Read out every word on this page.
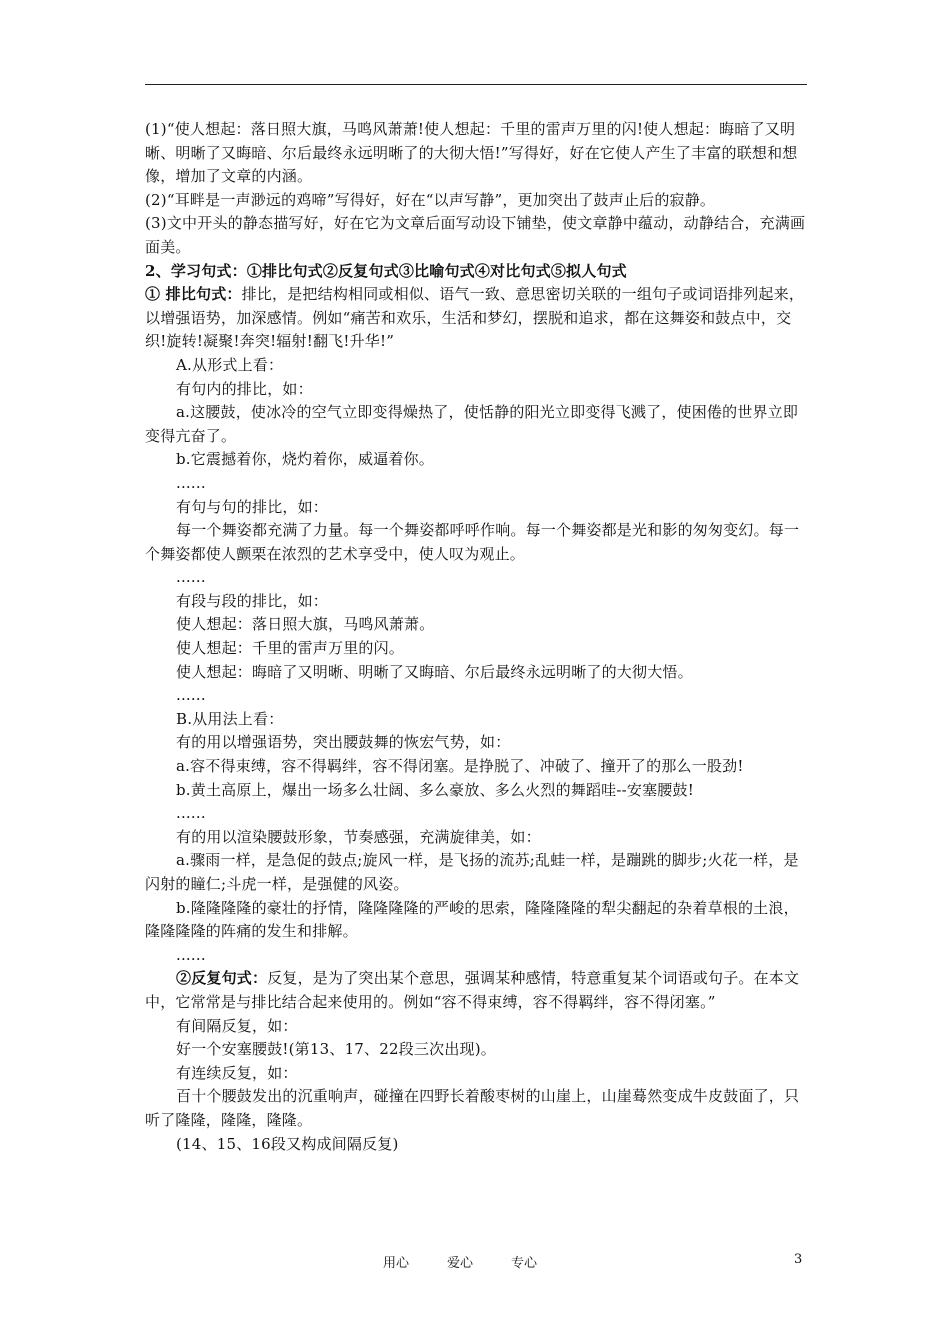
(1)“使人想起：落日照大旗，马鸣风萧萧!使人想起：千里的雷声万里的闪!使人想起：晦暗了又明晰、明晰了又晦暗、尔后最终永远明晰了的大彻大悟!”写得好，好在它使人产生了丰富的联想和想像，增加了文章的内涵。

(2)“耳畔是一声渺远的鸡啼”写得好，好在“以声写静”，更加突出了鼓声止后的寂静。

(3)文中开头的静态描写好，好在它为文章后面写动设下铺垫，使文章静中蕴动，动静结合，充满画面美。

2、学习句式：①排比句式②反复句式③比喻句式④对比句式⑤拟人句式

① 排比句式：排比，是把结构相同或相似、语气一致、意思密切关联的一组句子或词语排列起来，以增强语势，加深感情。例如“痛苦和欢乐，生活和梦幻，摆脱和追求，都在这舞姿和鼓点中，交织!旋转!凝聚!奔突!辐射!翻飞!升华!”

A.从形式上看：

有句内的排比，如：

a.这腰鼓，使冰冷的空气立即变得燥热了，使恬静的阳光立即变得飞溅了，使困倦的世界立即变得亢奋了。

b.它震撼着你，烧灼着你，威逼着你。

......

有句与句的排比，如：

每一个舞姿都充满了力量。每一个舞姿都呼呼作响。每一个舞姿都是光和影的匆匆变幻。每一个舞姿都使人颤栗在浓烈的艺术享受中，使人叹为观止。

......

有段与段的排比，如：

使人想起：落日照大旗，马鸣风萧萧。

使人想起：千里的雷声万里的闪。

使人想起：晦暗了又明晰、明晰了又晦暗、尔后最终永远明晰了的大彻大悟。

......

B.从用法上看：

有的用以增强语势，突出腰鼓舞的恢宏气势，如：

a.容不得束缚，容不得羁绊，容不得闭塞。是挣脱了、冲破了、撞开了的那么一股劲!

b.黄土高原上，爆出一场多么壮阔、多么豪放、多么火烈的舞蹈哇--安塞腰鼓!

......

有的用以渲染腰鼓形象，节奏感强，充满旋律美，如：

a.骤雨一样，是急促的鼓点;旋风一样，是飞扬的流苏;乱蛙一样，是蹦跳的脚步;火花一样，是闪射的瞳仁;斗虎一样，是强健的风姿。

b.隆隆隆隆的豪壮的抒情，隆隆隆隆的严峻的思索，隆隆隆隆的犁尖翻起的杂着草根的土浪，隆隆隆隆的阵痛的发生和排解。

......

②反复句式：反复，是为了突出某个意思，强调某种感情，特意重复某个词语或句子。在本文中，它常常是与排比结合起来使用的。例如“容不得束缚，容不得羁绊，容不得闭塞。”

有间隔反复，如：

好一个安塞腰鼓!(第13、17、22段三次出现)。

有连续反复，如：

百十个腰鼓发出的沉重响声，碰撞在四野长着酸枣树的山崖上，山崖蓦然变成牛皮鼓面了，只听了隆隆，隆隆，隆隆。

(14、15、16段又构成间隔反复)

用心	爱心	专心	3
